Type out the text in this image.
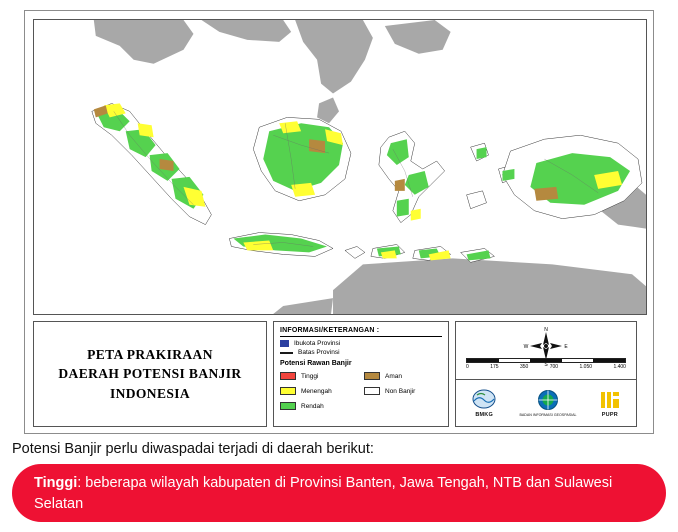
PETA PRAKIRAAN
DAERAH POTENSI BANJIR
INDONESIA
INFORMASI/KETERANGAN :
Ibukota Provinsi
Batas Provinsi
Potensi Rawan Banjir
Tinggi	Aman
Menengah	Non Banjir
Rendah
N
S
W	E
0	175	350	700	1.050	1.400
BMKG	BADAN INFORMASI GEOSPASIAL	PUPR
Potensi Banjir perlu diwaspadai terjadi di daerah berikut:
Tinggi: beberapa wilayah kabupaten di Provinsi Banten, Jawa Tengah, NTB dan Sulawesi Selatan
